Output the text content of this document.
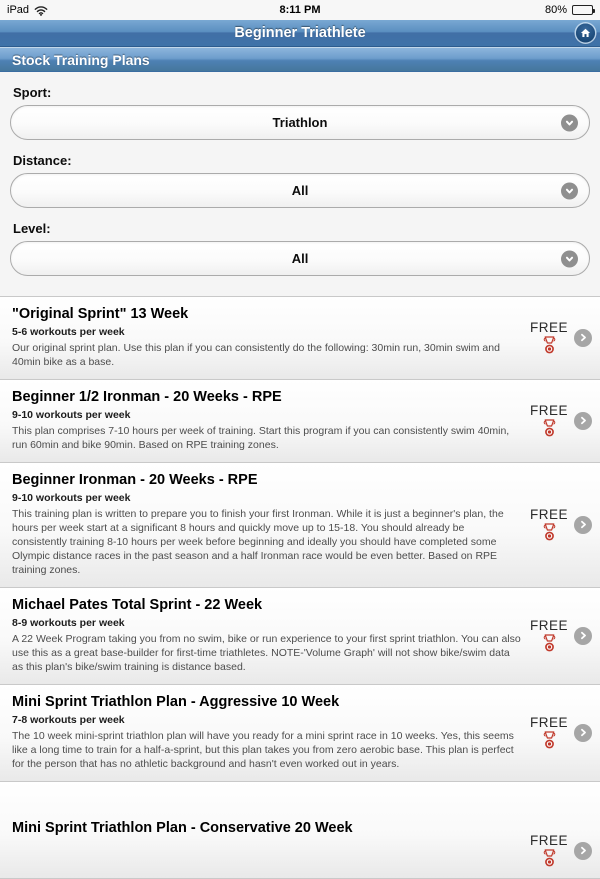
8:11 PM
iPad	80%
Beginner Triathlete
Stock Training Plans
Sport:
Triathlon
Distance:
All
Level:
All
"Original Sprint" 13 Week
5-6 workouts per week
Our original sprint plan. Use this plan if you can consistently do the following: 30min run, 30min swim and 40min bike as a base.
FREE
Beginner 1/2 Ironman - 20 Weeks - RPE
9-10 workouts per week
This plan comprises 7-10 hours per week of training. Start this program if you can consistently swim 40min, run 60min and bike 90min. Based on RPE training zones.
FREE
Beginner Ironman - 20 Weeks - RPE
9-10 workouts per week
This training plan is written to prepare you to finish your first Ironman. While it is just a beginner's plan, the hours per week start at a significant 8 hours and quickly move up to 15-18. You should already be consistently training 8-10 hours per week before beginning and ideally you should have completed some Olympic distance races in the past season and a half Ironman race would be even better. Based on RPE training zones.
FREE
Michael Pates Total Sprint - 22 Week
8-9 workouts per week
A 22 Week Program taking you from no swim, bike or run experience to your first sprint triathlon. You can also use this as a great base-builder for first-time triathletes. NOTE-'Volume Graph' will not show bike/swim data as this plan's bike/swim training is distance based.
FREE
Mini Sprint Triathlon Plan - Aggressive 10 Week
7-8 workouts per week
The 10 week mini-sprint triathlon plan will have you ready for a mini sprint race in 10 weeks. Yes, this seems like a long time to train for a half-a-sprint, but this plan takes you from zero aerobic base. This plan is perfect for the person that has no athletic background and hasn't even worked out in years.
FREE
Mini Sprint Triathlon Plan - Conservative 20 Week
FREE
